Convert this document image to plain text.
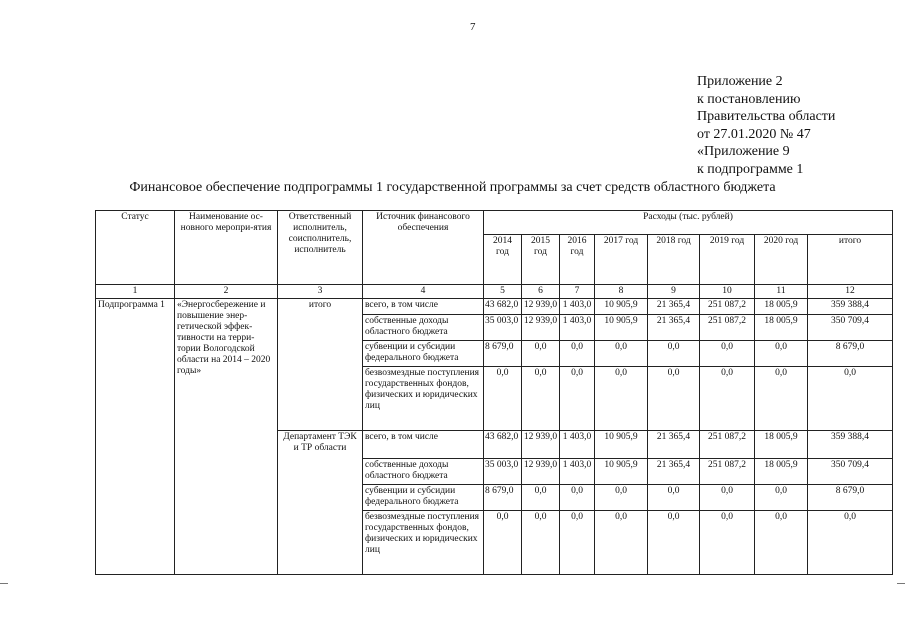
7
Приложение 2
к постановлению
Правительства области
от 27.01.2020 № 47
«Приложение 9
к подпрограмме 1
Финансовое обеспечение подпрограммы 1 государственной программы за счет средств областного бюджета
Статус	Наименование ос-новного меропри-ятия	Ответственный исполнитель, соисполнитель, исполнитель	Источник финансового обеспечения	Расходы (тыс. рублей)							
				2014 год	2015 год	2016 год	2017 год	2018 год	2019 год	2020 год	итого
1	2	3	4	5	6	7	8	9	10	11	12
Подпрограмма 1	«Энергосбережение и повышение энер-гетической эффек-тивности на терри-тории Вологодской области на 2014 – 2020 годы»	итого	всего, в том числе	43 682,0	12 939,0	1 403,0	10 905,9	21 365,4	251 087,2	18 005,9	359 388,4
			собственные доходы областного бюджета	35 003,0	12 939,0	1 403,0	10 905,9	21 365,4	251 087,2	18 005,9	350 709,4
			субвенции и субсидии федерального бюджета	8 679,0	0,0	0,0	0,0	0,0	0,0	0,0	8 679,0
			безвозмездные поступления государственных фондов, физических и юридических лиц	0,0	0,0	0,0	0,0	0,0	0,0	0,0	0,0
		Департамент ТЭК и ТР области	всего, в том числе	43 682,0	12 939,0	1 403,0	10 905,9	21 365,4	251 087,2	18 005,9	359 388,4
			собственные доходы областного бюджета	35 003,0	12 939,0	1 403,0	10 905,9	21 365,4	251 087,2	18 005,9	350 709,4
			субвенции и субсидии федерального бюджета	8 679,0	0,0	0,0	0,0	0,0	0,0	0,0	8 679,0
			безвозмездные поступления государственных фондов, физических и юридических лиц	0,0	0,0	0,0	0,0	0,0	0,0	0,0	0,0
